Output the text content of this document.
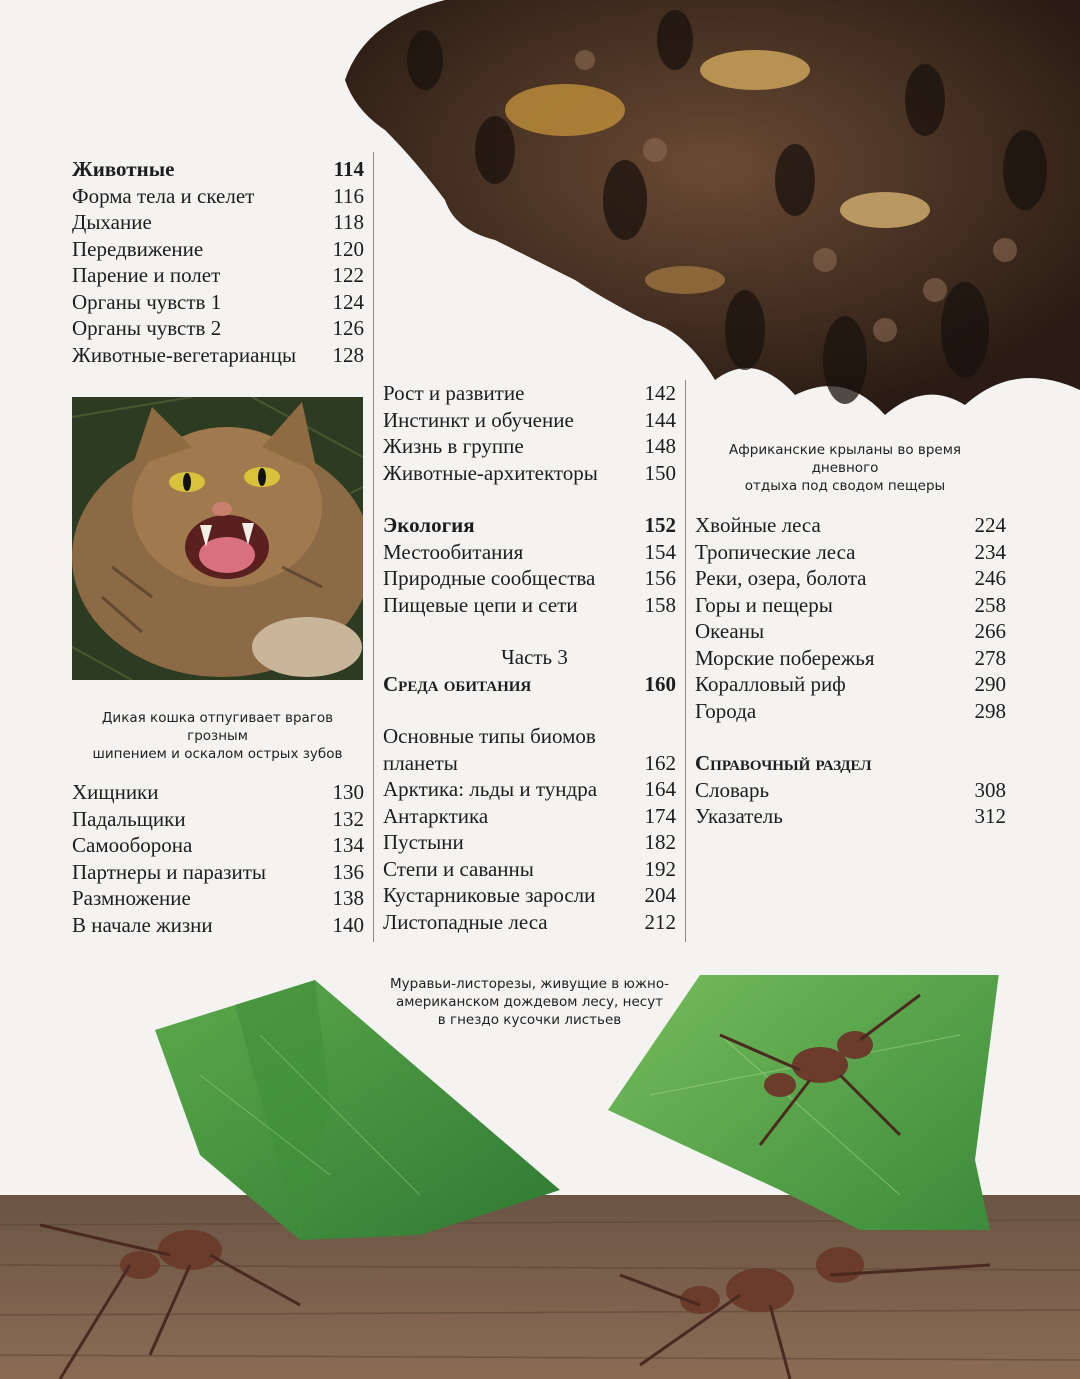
Животные	114
Форма тела и скелет	116
Дыхание	118
Передвижение	120
Парение и полет	122
Органы чувств 1	124
Органы чувств 2	126
Животные-вегетарианцы 128
Дикая кошка отпугивает врагов грозным
шипением и оскалом острых зубов
Хищники	130
Падальщики	132
Самооборона	134
Партнеры и паразиты	136
Размножение	138
В начале жизни	140
Рост и развитие	142
Инстинкт и обучение	144
Жизнь в группе	148
Животные-архитекторы 150
Экология	152
Местообитания	154
Природные сообщества 156
Пищевые цепи и сети	158
Часть 3
Среда обитания	160
Основные типы биомов
планеты	162
Арктика: льды и тундра 164
Антарктика	174
Пустыни	182
Степи и саванны	192
Кустарниковые заросли 204
Листопадные леса	212
Африканские крыланы во время дневного
отдыха под сводом пещеры
Хвойные леса	224
Тропические леса	234
Реки, озера, болота	246
Горы и пещеры	258
Океаны	266
Морские побережья	278
Коралловый риф	290
Города	298
Справочный раздел
Словарь	308
Указатель	312
Муравьи-листорезы, живущие в южно-
американском дождевом лесу, несут
в гнездо кусочки листьев
